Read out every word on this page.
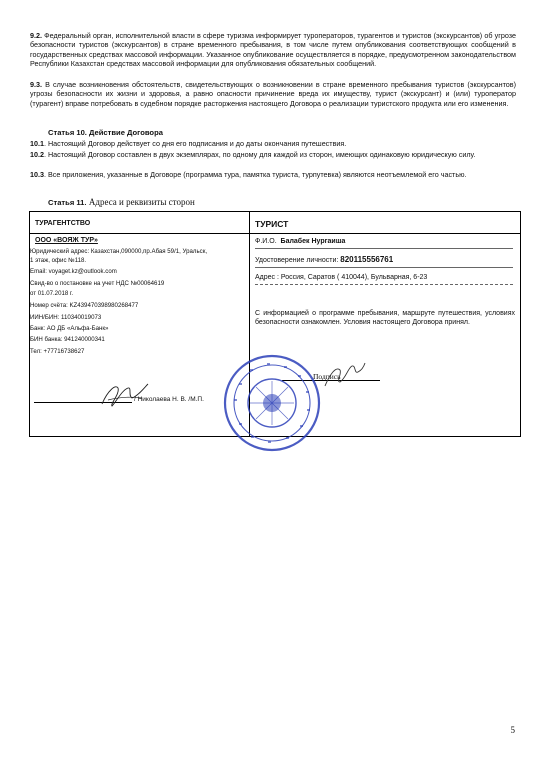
9.2. Федеральный орган, исполнительной власти в сфере туризма информирует туроператоров, турагентов и туристов (экскурсантов) об угрозе безопасности туристов (экскурсантов) в стране временного пребывания, в том числе путем опубликования соответствующих сообщений в государственных средствах массовой информации. Указанное опубликование осуществляется в порядке, предусмотренном законодательством Республики Казахстан средствах массовой информации для опубликования обязательных сообщений.
9.3. В случае возникновения обстоятельств, свидетельствующих о возникновении в стране временного пребывания туристов (экскурсантов) угрозы безопасности их жизни и здоровья, а равно опасности причинение вреда их имуществу, турист (экскурсант) и (или) туроператор (турагент) вправе потребовать в судебном порядке расторжения настоящего Договора о реализации туристского продукта или его изменения.
Статья 10. Действие Договора
10.1. Настоящий Договор действует со дня его подписания и до даты окончания путешествия.
10.2. Настоящий Договор составлен в двух экземплярах, по одному для каждой из сторон, имеющих одинаковую юридическую силу.
10.3. Все приложения, указанные в Договоре (программа тура, памятка туриста, турпутевка) являются неотъемлемой его частью.
Статья 11. Адреса и реквизиты сторон
ТУРАГЕНТСТВО	ТУРИСТ
ООО «ВОЯЖ ТУР»
Юридический адрес: Казахстан,090000,пр.Абая 59/1, Уральск,
1 этаж, офис №118.
Email: voyaget.kz@outlook.com
Свид-во о постановке на учет НДС №00064619
от 01.07.2018 г.
Номер счёта: KZ439470398980268477
ИИН/БИН: 110340019073
Банк: АО ДБ «Альфа-Банк»
БИН банка: 941240000341
Тел: +77716738627
/ Николаева Н. В. /М.П.
Ф.И.О. Балабек Нургаиша
Удостоверение личности: 820115556761
Адрес : Россия, Саратов ( 410044), Бульварная, 6-23
С информацией о программе пребывания, маршруте путешествия, условиях безопасности ознакомлен. Условия настоящего Договора принял.
Подпись
5
